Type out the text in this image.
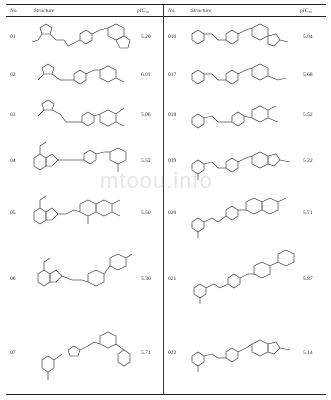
No.	Structure	pIC₅₀	No.	Structure	pIC₅₀
01	5.20
02	6.01
03	5.06
04	5.52
05	5.50
06	5.30
07	5.71
016	5.04
017	5.68
018	5.52
019	5.22
020	5.71
021	5.87
022	5.14
mtoou.info
